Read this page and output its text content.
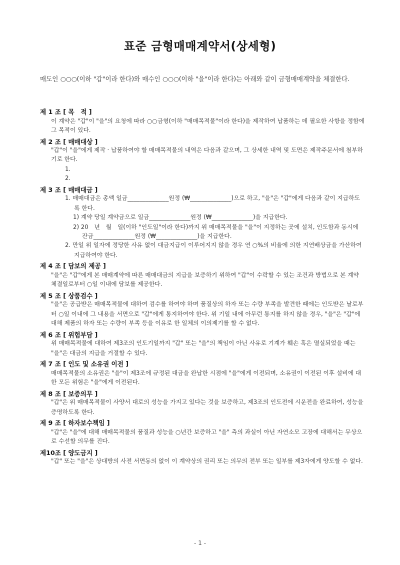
표준 금형매매계약서(상세형)
매도인 ○○○(이하 "갑"이라 한다)와 매수인 ○○○(이하 "을"이라 한다)는 아래와 같이 금형매매계약을 체결한다.
제 1 조 [ 목　적 ]
이 계약은 "갑"이 "을"의 요청에 따라 ○○금형(이하 "매매목적물"이라 한다)을 제작하여 납품하는 데 필요한 사항을 정함에 그 목적이 있다.
제 2 조 [ 매매대상 ]
"갑"이 "을"에게 제작 · 납품하여야 할 매매목적물의 내역은 다음과 같으며, 그 상세한 내역 및 도면은 제작주문서에 첨부하기로 한다.
1.
2.
제 3 조 [ 매매대금 ]
1. 매매대금은 총액 일금______________원정 (₩______________)으로 하고, "을"은 "갑"에게 다음과 같이 지급하도록 한다.
1) 계약 당일 계약금으로 일금______________원정 (₩______________)을 지급한다.
2) 20　년　월　일(이하 "인도일"이라 한다)까지 위 매매목적물을 "을"이 지정하는 곳에 설치, 인도함과 동시에 잔금______________원정 (₩______________)을 지급한다.
2. 만일 위 일자에 정당한 사유 없이 대금지급이 이루어지지 않을 경우 연 ○%의 비율에 의한 지연배상금을 가산하여 지급하여야 한다.
제 4 조 [ 담보의 제공 ]
"을"은 "갑"에게 본 매매계약에 따른 매매대금의 지급을 보증하기 위하여 "갑"이 수락할 수 있는 조건과 방법으로 본 계약 체결일로부터 ○일 이내에 담보를 제공한다.
제 5 조 [ 상품검수 ]
"을"은 공급받은 매매목적물에 대하여 검수를 하여야 하며 품질상의 하자 또는 수량 부족을 발견한 때에는 인도받은 날로부터 ○일 이내에 그 내용을 서면으로 "갑"에게 통지하여야 한다. 위 기일 내에 아무런 통지를 하지 않을 경우, "을"은 "갑"에 대해 제품의 하자 또는 수량이 부족 등을 이유로 한 일체의 이의제기를 할 수 없다.
제 6 조 [ 위험부담 ]
위 매매목적물에 대하여 제3조의 인도기일까지 "갑" 또는 "을"의 책임이 아닌 사유로 기계가 훼손 혹은 멸실되었을 때는 "을"은 대금의 지급을 거절할 수 있다.
제 7 조 [ 인도 및 소유권 이전 ]
매매목적물의 소유권은 "을"이 제3조에 규정된 대금을 완납한 시점에 "을"에게 이전되며, 소유권이 이전된 이후 설비에 대한 모든 위험은 "을"에게 이전된다.
제 8 조 [ 보증의무 ]
"갑"은 위 매매목적물이 사양서 대로의 성능을 가지고 있다는 것을 보증하고, 제3조의 인도전에 시운전을 완료하여, 성능을 증명하도록 한다.
제 9 조 [ 하자보수책임 ]
"갑"은 "을"에 대해 매매목적물의 품질과 성능을 ○년간 보증하고 "을" 측의 과실이 아닌 자연소모 고장에 대해서는 무상으로 수선할 의무를 진다.
제10조 [ 양도금지 ]
"갑" 또는 "을"은 상대방의 사전 서면동의 없이 이 계약상의 권리 또는 의무의 전부 또는 일부를 제3자에게 양도할 수 없다.
- 1 -
